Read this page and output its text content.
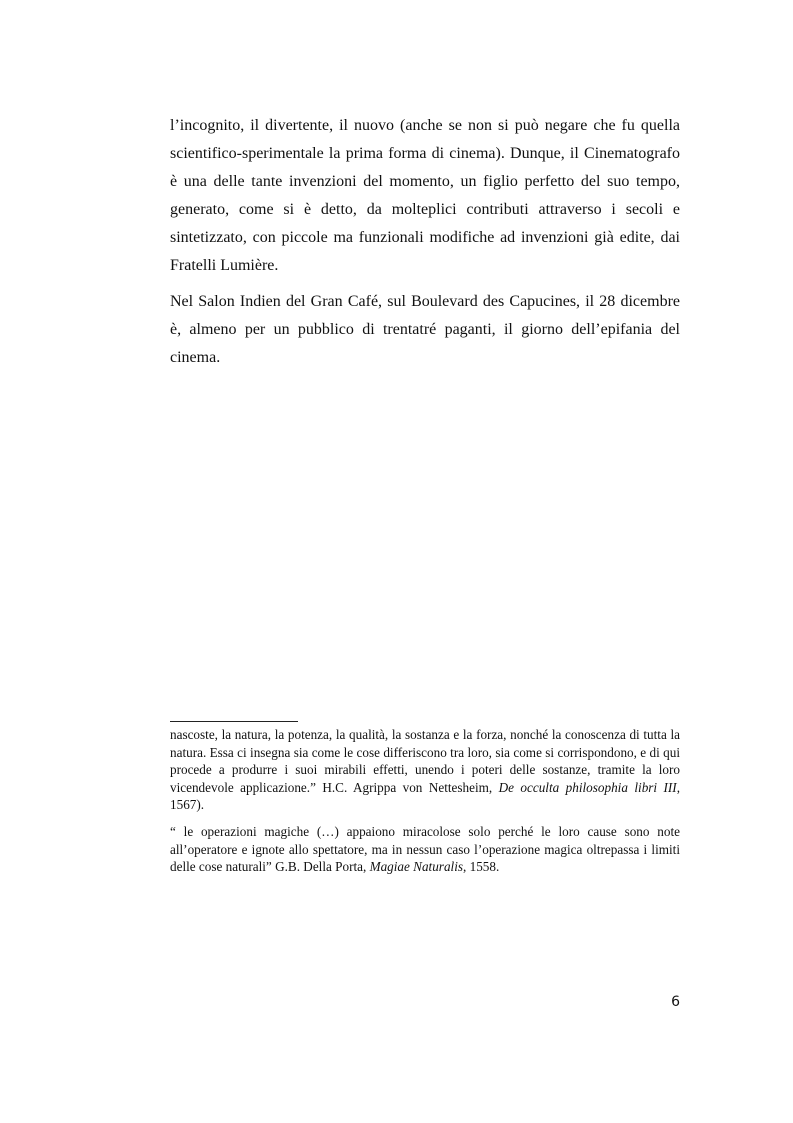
l’incognito, il divertente, il nuovo (anche se non si può negare che fu quella scientifico-sperimentale la prima forma di cinema). Dunque, il Cinematografo è una delle tante invenzioni del momento, un figlio perfetto del suo tempo, generato, come si è detto, da molteplici contributi attraverso i secoli e sintetizzato, con piccole ma funzionali modifiche ad invenzioni già edite, dai Fratelli Lumière.

Nel Salon Indien del Gran Café, sul Boulevard des Capucines, il 28 dicembre è, almeno per un pubblico di trentatré paganti, il giorno dell’epifania del cinema.

nascoste, la natura, la potenza, la qualità, la sostanza e la forza, nonché la conoscenza di tutta la natura. Essa ci insegna sia come le cose differiscono tra loro, sia come si corrispondono, e di qui procede a produrre i suoi mirabili effetti, unendo i poteri delle sostanze, tramite la loro vicendevole applicazione.” H.C. Agrippa von Nettesheim, De occulta philosophia libri III, 1567).

“ le operazioni magiche (…) appaiono miracolose solo perché le loro cause sono note all’operatore e ignote allo spettatore, ma in nessun caso l’operazione magica oltrepassa i limiti delle cose naturali” G.B. Della Porta, Magiae Naturalis, 1558.

6
